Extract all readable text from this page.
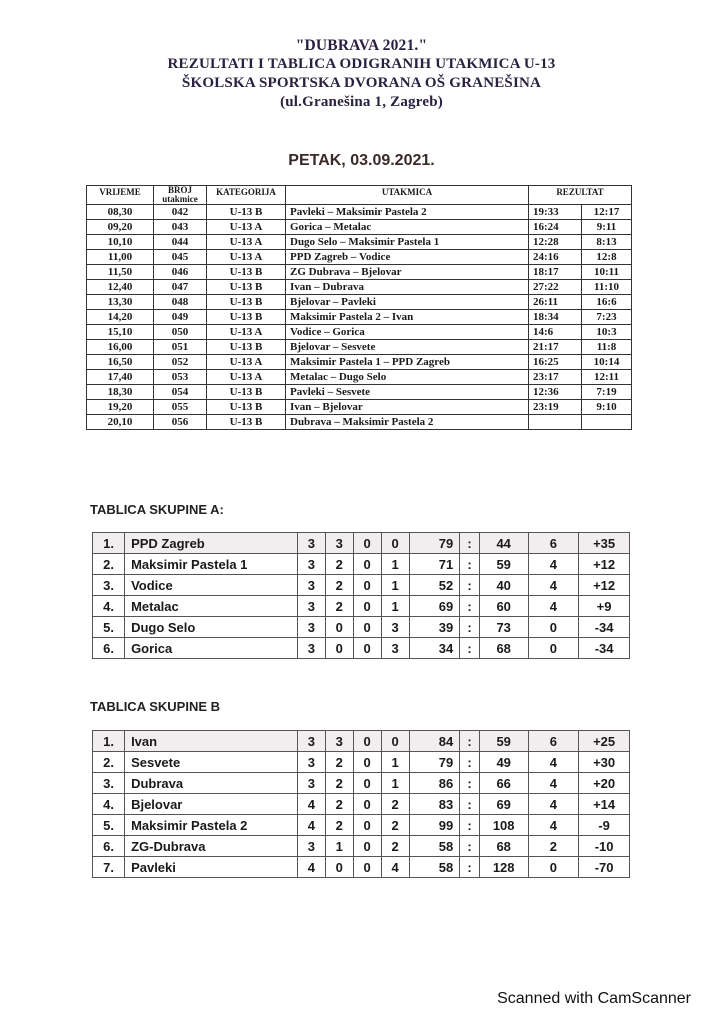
"DUBRAVA 2021."
REZULTATI I TABLICA ODIGRANIH UTAKMICA U-13
ŠKOLSKA SPORTSKA DVORANA OŠ GRANEŠINA
(ul.Granešina 1, Zagreb)
PETAK, 03.09.2021.
VRIJEME	BROJ
utakmice	KATEGORIJA	UTAKMICA	REZULTAT	
08,30	042	U-13 B	Pavleki – Maksimir Pastela 2	19:33	12:17
09,20	043	U-13 A	Gorica – Metalac	16:24	9:11
10,10	044	U-13 A	Dugo Selo – Maksimir Pastela 1	12:28	8:13
11,00	045	U-13 A	PPD Zagreb – Vodice	24:16	12:8
11,50	046	U-13 B	ZG Dubrava – Bjelovar	18:17	10:11
12,40	047	U-13 B	Ivan – Dubrava	27:22	11:10
13,30	048	U-13 B	Bjelovar – Pavleki	26:11	16:6
14,20	049	U-13 B	Maksimir Pastela 2 – Ivan	18:34	7:23
15,10	050	U-13 A	Vodice – Gorica	14:6	10:3
16,00	051	U-13 B	Bjelovar – Sesvete	21:17	11:8
16,50	052	U-13 A	Maksimir Pastela 1 – PPD Zagreb	16:25	10:14
17,40	053	U-13 A	Metalac – Dugo Selo	23:17	12:11
18,30	054	U-13 B	Pavleki – Sesvete	12:36	7:19
19,20	055	U-13 B	Ivan – Bjelovar	23:19	9:10
20,10	056	U-13 B	Dubrava – Maksimir Pastela 2		
TABLICA SKUPINE A:
1.	PPD Zagreb	3	3	0	0	79	:	44	6	+35
2.	Maksimir Pastela 1	3	2	0	1	71	:	59	4	+12
3.	Vodice	3	2	0	1	52	:	40	4	+12
4.	Metalac	3	2	0	1	69	:	60	4	+9
5.	Dugo Selo	3	0	0	3	39	:	73	0	-34
6.	Gorica	3	0	0	3	34	:	68	0	-34
TABLICA SKUPINE B
1.	Ivan	3	3	0	0	84	:	59	6	+25
2.	Sesvete	3	2	0	1	79	:	49	4	+30
3.	Dubrava	3	2	0	1	86	:	66	4	+20
4.	Bjelovar	4	2	0	2	83	:	69	4	+14
5.	Maksimir Pastela 2	4	2	0	2	99	:	108	4	-9
6.	ZG-Dubrava	3	1	0	2	58	:	68	2	-10
7.	Pavleki	4	0	0	4	58	:	128	0	-70
Scanned with CamScanner
